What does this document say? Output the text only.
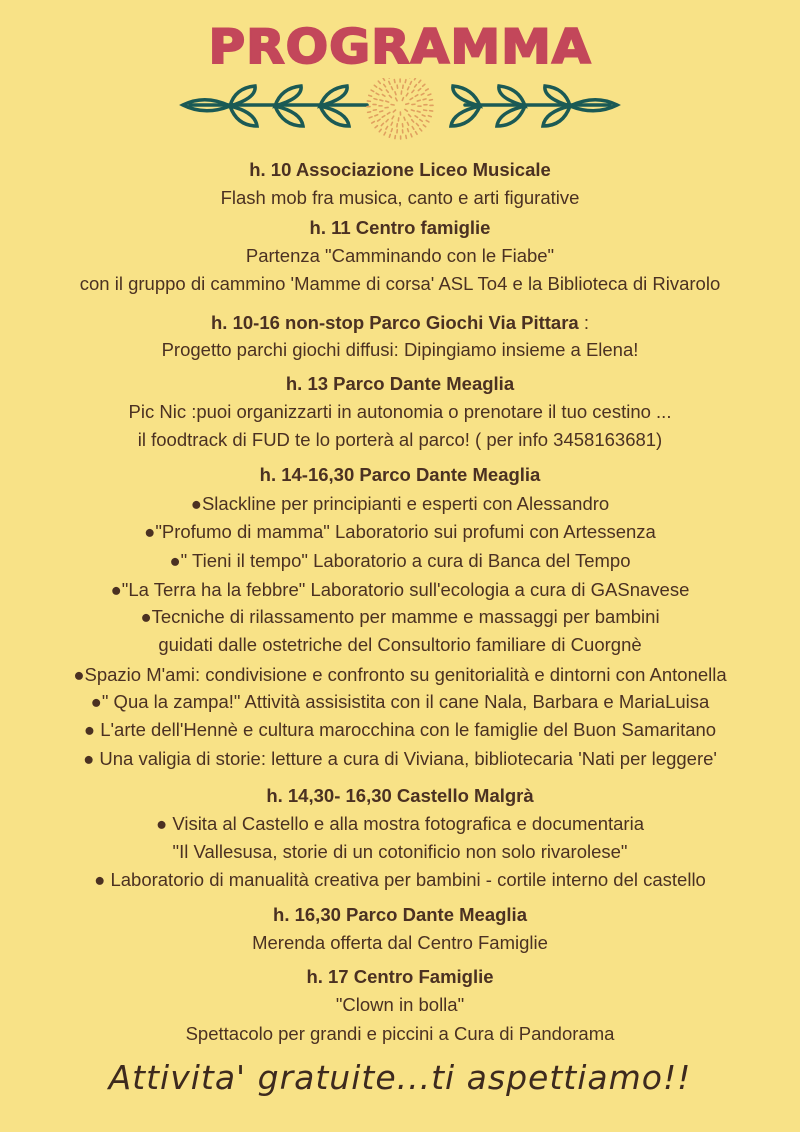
PROGRAMMA
h. 10 Associazione Liceo Musicale
Flash mob fra musica, canto e arti figurative
h. 11 Centro famiglie
Partenza "Camminando con le Fiabe"
con il gruppo di cammino 'Mamme di corsa' ASL To4 e la Biblioteca di Rivarolo
h. 10-16 non-stop Parco Giochi Via Pittara :
Progetto parchi giochi diffusi: Dipingiamo insieme a Elena!
h. 13 Parco Dante Meaglia
Pic Nic :puoi organizzarti in autonomia o prenotare il tuo cestino ...
il foodtrack di FUD te lo porterà al parco! ( per info 3458163681)
h. 14-16,30 Parco Dante Meaglia
●Slackline per principianti e esperti con Alessandro
●"Profumo di mamma" Laboratorio sui profumi con Artessenza
●" Tieni il tempo" Laboratorio a cura di Banca del Tempo
●"La Terra ha la febbre" Laboratorio sull'ecologia a cura di GASnavese
●Tecniche di rilassamento per mamme e massaggi per bambini
guidati dalle ostetriche del Consultorio familiare di Cuorgnè
●Spazio M'ami: condivisione e confronto su genitorialità e dintorni con Antonella
●" Qua la zampa!" Attività assisistita con il cane Nala, Barbara e MariaLuisa
● L'arte dell'Hennè e cultura marocchina con le famiglie del Buon Samaritano
● Una valigia di storie: letture a cura di Viviana, bibliotecaria 'Nati per leggere'
h. 14,30- 16,30 Castello Malgrà
● Visita al Castello e alla mostra fotografica e documentaria
"Il Vallesusa, storie di un cotonificio non solo rivarolese"
● Laboratorio di manualità creativa per bambini - cortile interno del castello
h. 16,30 Parco Dante Meaglia
Merenda offerta dal Centro Famiglie
h. 17 Centro Famiglie
"Clown in bolla"
Spettacolo per grandi e piccini a Cura di Pandorama
Attivita' gratuite...ti aspettiamo!!
